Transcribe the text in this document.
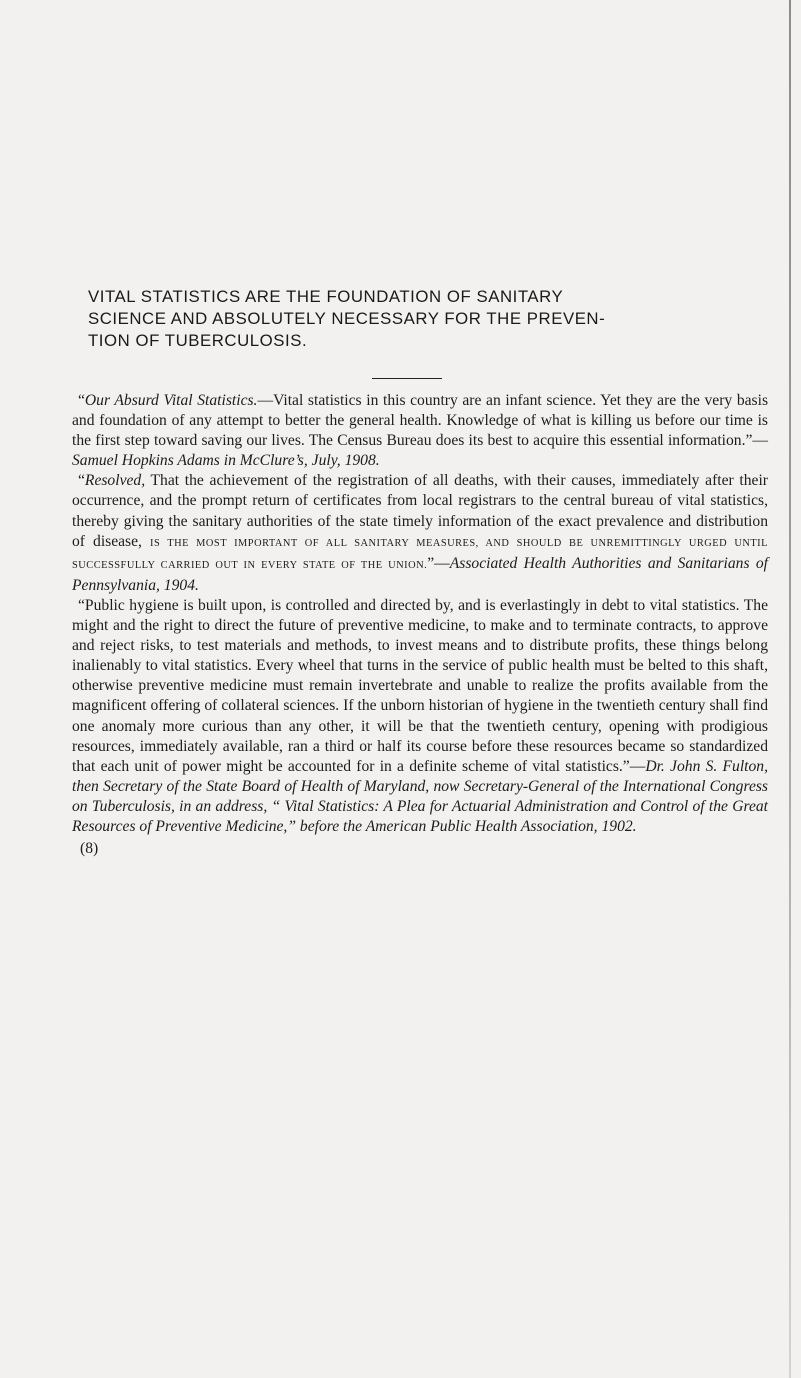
VITAL STATISTICS ARE THE FOUNDATION OF SANITARY
SCIENCE AND ABSOLUTELY NECESSARY FOR THE PREVEN-
TION OF TUBERCULOSIS.

“Our Absurd Vital Statistics.—Vital statistics in this country are an infant science. Yet they are the very basis and foundation of any attempt to better the general health. Knowledge of what is killing us before our time is the first step toward saving our lives. The Census Bureau does its best to acquire this essential information.”—Samuel Hopkins Adams in McClure’s, July, 1908.

“Resolved, That the achievement of the registration of all deaths, with their causes, immediately after their occurrence, and the prompt return of certificates from local registrars to the central bureau of vital statistics, thereby giving the sanitary authorities of the state timely information of the exact prevalence and distribution of disease, IS THE MOST IMPORTANT OF ALL SANITARY MEASURES, AND SHOULD BE UNREMITTINGLY URGED UNTIL SUCCESSFULLY CARRIED OUT IN EVERY STATE OF THE UNION.”—Associated Health Authorities and Sanitarians of Pennsylvania, 1904.

“Public hygiene is built upon, is controlled and directed by, and is everlastingly in debt to vital statistics. The might and the right to direct the future of preventive medicine, to make and to terminate contracts, to approve and reject risks, to test materials and methods, to invest means and to distribute profits, these things belong inalienably to vital statistics. Every wheel that turns in the service of public health must be belted to this shaft, otherwise preventive medicine must remain invertebrate and unable to realize the profits available from the magnificent offering of collateral sciences. If the unborn historian of hygiene in the twentieth century shall find one anomaly more curious than any other, it will be that the twentieth century, opening with prodigious resources, immediately available, ran a third or half its course before these resources became so standardized that each unit of power might be accounted for in a definite scheme of vital statistics.”—Dr. John S. Fulton, then Secretary of the State Board of Health of Maryland, now Secretary-General of the International Congress on Tuberculosis, in an address, “ Vital Statistics: A Plea for Actuarial Administration and Control of the Great Resources of Preventive Medicine,” before the American Public Health Association, 1902.

(8)
